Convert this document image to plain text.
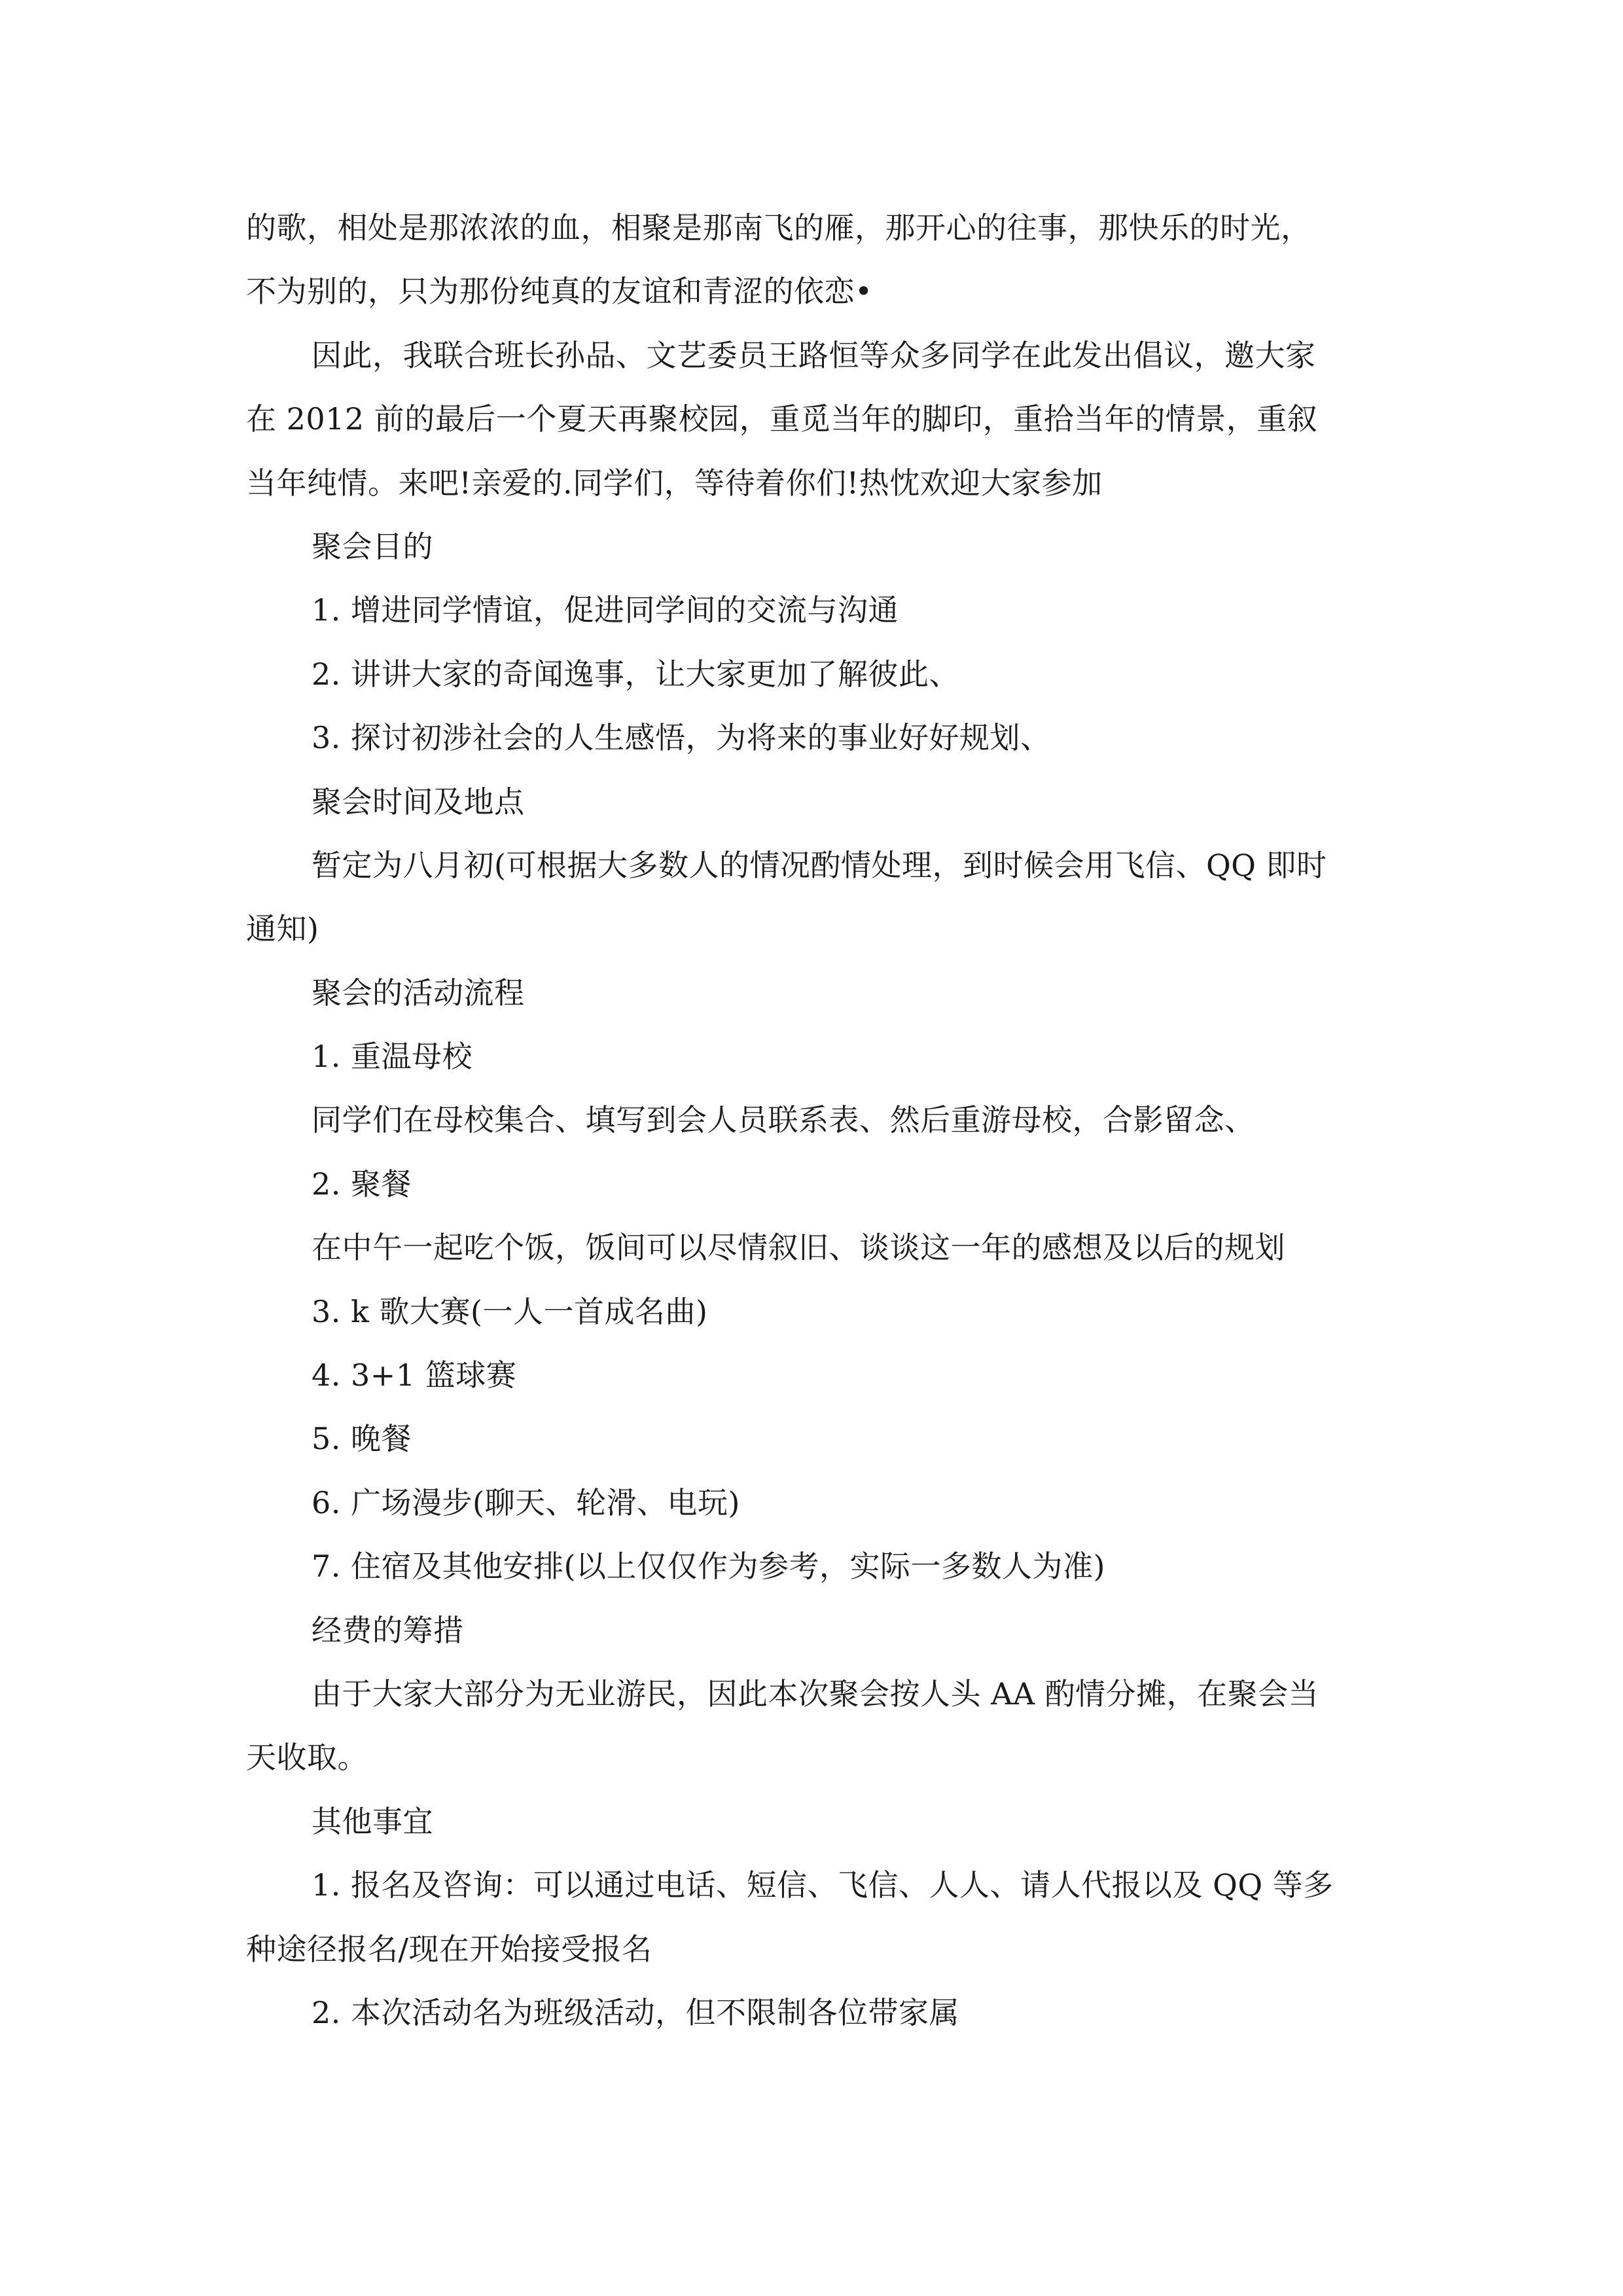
的歌，相处是那浓浓的血，相聚是那南飞的雁，那开心的往事，那快乐的时光，
不为别的，只为那份纯真的友谊和青涩的依恋•
因此，我联合班长孙品、文艺委员王路恒等众多同学在此发出倡议，邀大家
在 2012 前的最后一个夏天再聚校园，重觅当年的脚印，重拾当年的情景，重叙
当年纯情。来吧!亲爱的.同学们，等待着你们!热忱欢迎大家参加
聚会目的
1. 增进同学情谊，促进同学间的交流与沟通
2. 讲讲大家的奇闻逸事，让大家更加了解彼此、
3. 探讨初涉社会的人生感悟，为将来的事业好好规划、
聚会时间及地点
暂定为八月初(可根据大多数人的情况酌情处理，到时候会用飞信、QQ 即时
通知)
聚会的活动流程
1. 重温母校
同学们在母校集合、填写到会人员联系表、然后重游母校，合影留念、
2. 聚餐
在中午一起吃个饭，饭间可以尽情叙旧、谈谈这一年的感想及以后的规划
3. k 歌大赛(一人一首成名曲)
4. 3+1 篮球赛
5. 晚餐
6. 广场漫步(聊天、轮滑、电玩)
7. 住宿及其他安排(以上仅仅作为参考，实际一多数人为准)
经费的筹措
由于大家大部分为无业游民，因此本次聚会按人头 AA 酌情分摊，在聚会当
天收取。
其他事宜
1. 报名及咨询：可以通过电话、短信、飞信、人人、请人代报以及 QQ 等多
种途径报名/现在开始接受报名
2. 本次活动名为班级活动，但不限制各位带家属
